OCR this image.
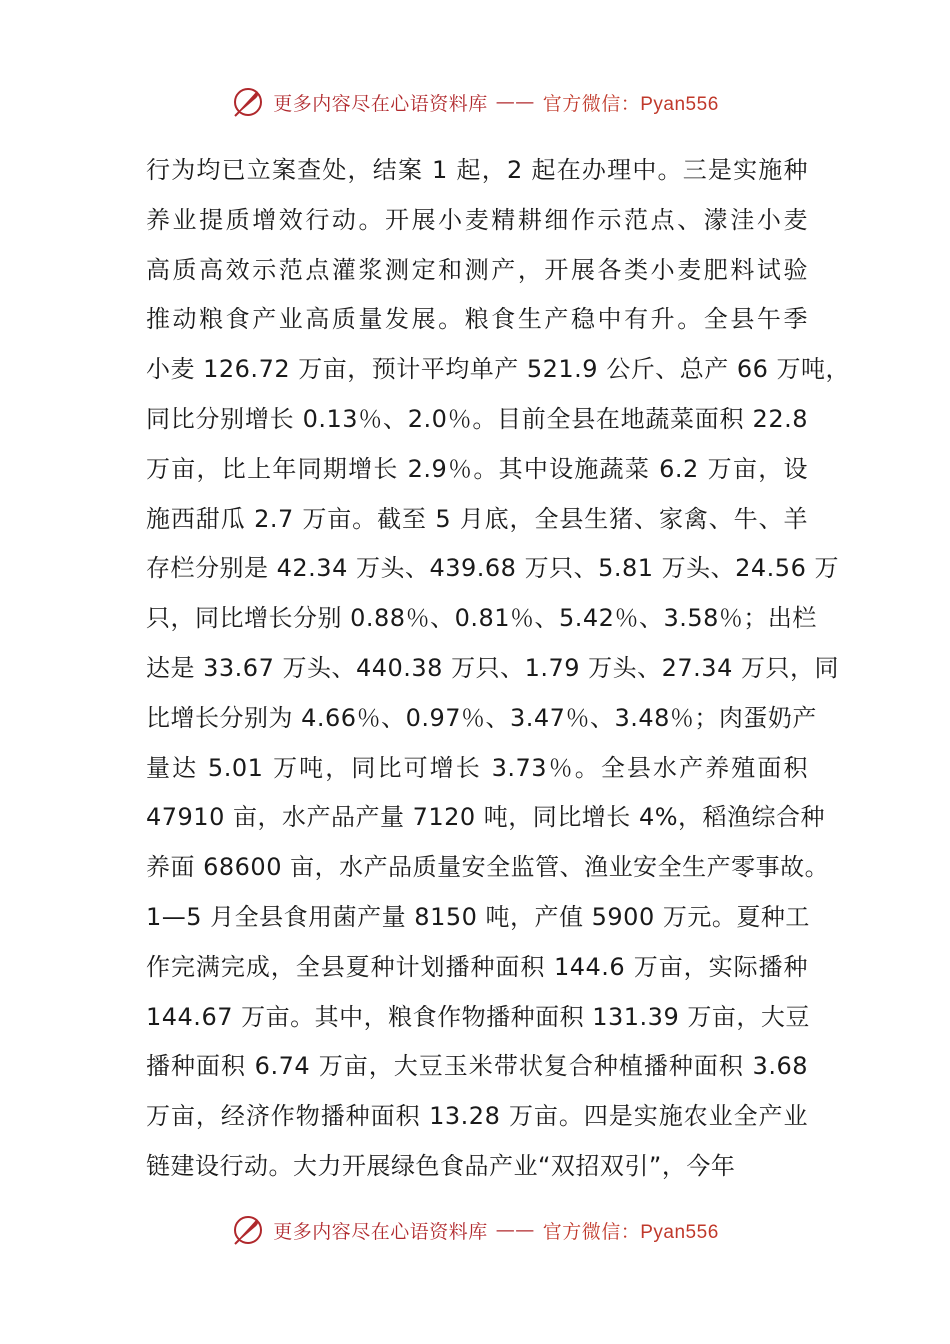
更多内容尽在心语资料库 —— 官方微信：Pyan556
行为均已立案查处，结案 1 起，2 起在办理中。三是实施种
养业提质增效行动。开展小麦精耕细作示范点、濛洼小麦
高质高效示范点灌浆测定和测产，开展各类小麦肥料试验
推动粮食产业高质量发展。粮食生产稳中有升。全县午季
小麦 126.72 万亩，预计平均单产 521.9 公斤、总产 66 万吨，
同比分别增长 0.13％、2.0％。目前全县在地蔬菜面积 22.8
万亩，比上年同期增长 2.9％。其中设施蔬菜 6.2 万亩，设
施西甜瓜 2.7 万亩。截至 5 月底，全县生猪、家禽、牛、羊
存栏分别是 42.34 万头、439.68 万只、5.81 万头、24.56 万
只，同比增长分别 0.88％、0.81％、5.42％、3.58％；出栏
达是 33.67 万头、440.38 万只、1.79 万头、27.34 万只，同
比增长分别为 4.66％、0.97％、3.47％、3.48％；肉蛋奶产
量达 5.01 万吨，同比可增长 3.73％。全县水产养殖面积
47910 亩，水产品产量 7120 吨，同比增长 4%，稻渔综合种
养面 68600 亩，水产品质量安全监管、渔业安全生产零事故。
1—5 月全县食用菌产量 8150 吨，产值 5900 万元。夏种工
作完满完成，全县夏种计划播种面积 144.6 万亩，实际播种
144.67 万亩。其中，粮食作物播种面积 131.39 万亩，大豆
播种面积 6.74 万亩，大豆玉米带状复合种植播种面积 3.68
万亩，经济作物播种面积 13.28 万亩。四是实施农业全产业
链建设行动。大力开展绿色食品产业“双招双引”，今年
更多内容尽在心语资料库 —— 官方微信：Pyan556
